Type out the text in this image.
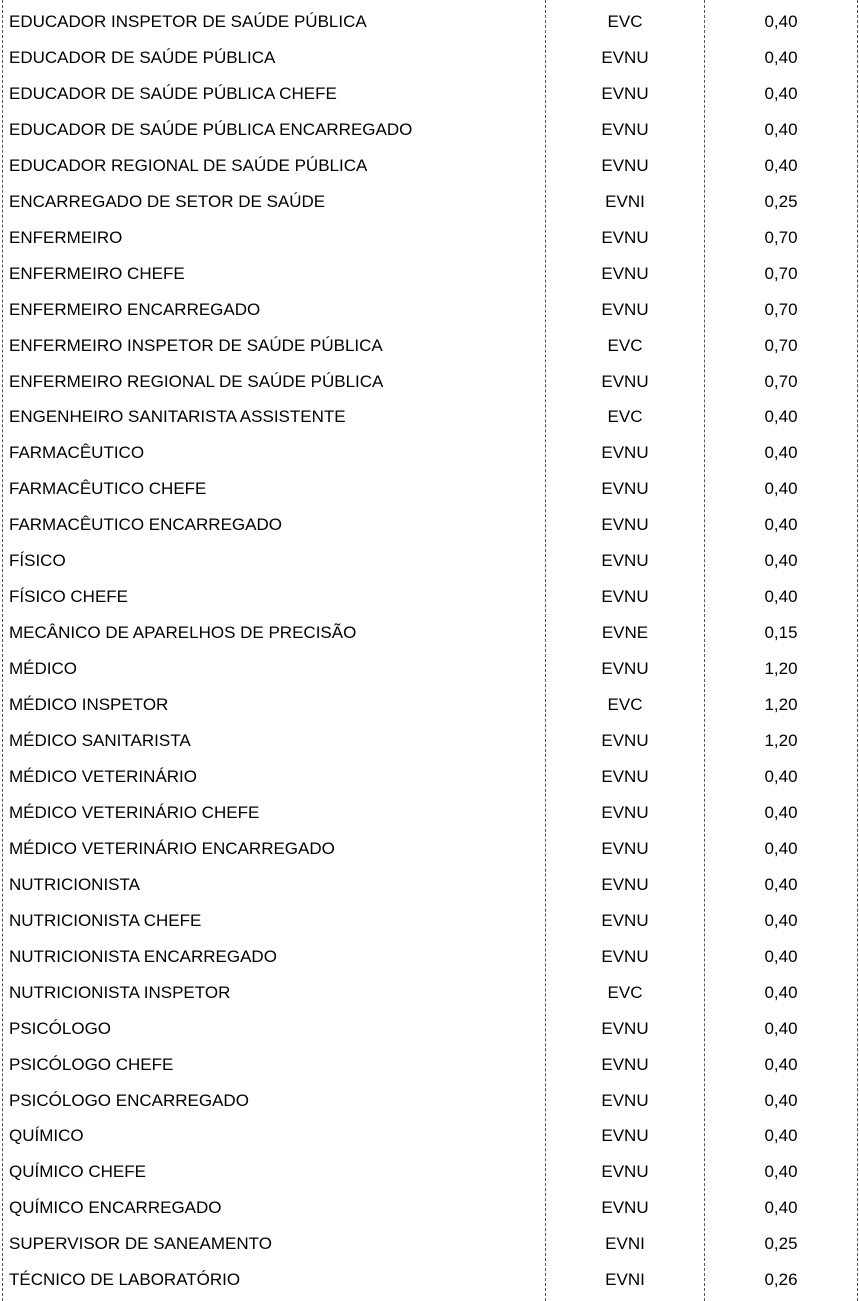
EDUCADOR INSPETOR DE SAÚDE PÚBLICA	EVC	0,40
EDUCADOR DE SAÚDE PÚBLICA	EVNU	0,40
EDUCADOR DE SAÚDE PÚBLICA CHEFE	EVNU	0,40
EDUCADOR DE SAÚDE PÚBLICA ENCARREGADO	EVNU	0,40
EDUCADOR REGIONAL DE SAÚDE PÚBLICA	EVNU	0,40
ENCARREGADO DE SETOR DE SAÚDE	EVNI	0,25
ENFERMEIRO	EVNU	0,70
ENFERMEIRO CHEFE	EVNU	0,70
ENFERMEIRO ENCARREGADO	EVNU	0,70
ENFERMEIRO INSPETOR DE SAÚDE PÚBLICA	EVC	0,70
ENFERMEIRO REGIONAL DE SAÚDE PÚBLICA	EVNU	0,70
ENGENHEIRO SANITARISTA ASSISTENTE	EVC	0,40
FARMACÊUTICO	EVNU	0,40
FARMACÊUTICO CHEFE	EVNU	0,40
FARMACÊUTICO ENCARREGADO	EVNU	0,40
FÍSICO	EVNU	0,40
FÍSICO CHEFE	EVNU	0,40
MECÂNICO DE APARELHOS DE PRECISÃO	EVNE	0,15
MÉDICO	EVNU	1,20
MÉDICO INSPETOR	EVC	1,20
MÉDICO SANITARISTA	EVNU	1,20
MÉDICO VETERINÁRIO	EVNU	0,40
MÉDICO VETERINÁRIO CHEFE	EVNU	0,40
MÉDICO VETERINÁRIO ENCARREGADO	EVNU	0,40
NUTRICIONISTA	EVNU	0,40
NUTRICIONISTA CHEFE	EVNU	0,40
NUTRICIONISTA ENCARREGADO	EVNU	0,40
NUTRICIONISTA INSPETOR	EVC	0,40
PSICÓLOGO	EVNU	0,40
PSICÓLOGO CHEFE	EVNU	0,40
PSICÓLOGO ENCARREGADO	EVNU	0,40
QUÍMICO	EVNU	0,40
QUÍMICO CHEFE	EVNU	0,40
QUÍMICO ENCARREGADO	EVNU	0,40
SUPERVISOR DE SANEAMENTO	EVNI	0,25
TÉCNICO DE LABORATÓRIO	EVNI	0,26
